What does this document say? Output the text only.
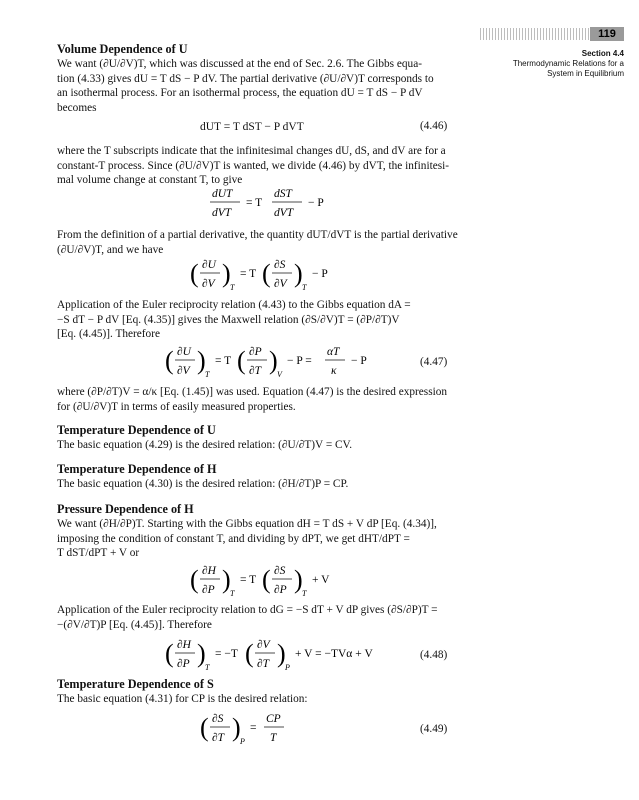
119
Section 4.4
Thermodynamic Relations for a
System in Equilibrium
Volume Dependence of U

We want (∂U/∂V)T, which was discussed at the end of Sec. 2.6. The Gibbs equa-

tion (4.33) gives dU = T dS − P dV. The partial derivative (∂U/∂V)T corresponds to

an isothermal process. For an isothermal process, the equation dU = T dS − P dV

becomes

dUT = T dST − P dVT	(4.46)

where the T subscripts indicate that the infinitesimal changes dU, dS, and dV are for a

constant-T process. Since (∂U/∂V)T is wanted, we divide (4.46) by dVT, the infinitesi-

mal volume change at constant T, to give

dUT
dVT
= T
dST
dVT
− P

From the definition of a partial derivative, the quantity dUT/dVT is the partial derivative

(∂U/∂V)T, and we have

( ∂U
∂V ) T
= T ( ∂S
∂V ) T
− P

Application of the Euler reciprocity relation (4.43) to the Gibbs equation dA =

−S dT − P dV [Eq. (4.35)] gives the Maxwell relation (∂S/∂V)T = (∂P/∂T)V

[Eq. (4.45)]. Therefore

( ∂U
∂V ) T
= T ( ∂P
∂T ) V
− P =
αT
κ
− P	(4.47)

where (∂P/∂T)V = α/κ [Eq. (1.45)] was used. Equation (4.47) is the desired expression

for (∂U/∂V)T in terms of easily measured properties.

Temperature Dependence of U
The basic equation (4.29) is the desired relation: (∂U/∂T)V = CV.
Temperature Dependence of H
The basic equation (4.30) is the desired relation: (∂H/∂T)P = CP.
Pressure Dependence of H

We want (∂H/∂P)T. Starting with the Gibbs equation dH = T dS + V dP [Eq. (4.34)],

imposing the condition of constant T, and dividing by dPT, we get dHT/dPT =

T dST/dPT + V or

( ∂H
∂P ) T
= T ( ∂S
∂P ) T
+ V

Application of the Euler reciprocity relation to dG = −S dT + V dP gives (∂S/∂P)T =

−(∂V/∂T)P [Eq. (4.45)]. Therefore

( ∂H
∂P ) T
= −T ( ∂V
∂T ) P
+ V = −TVα + V	(4.48)
Temperature Dependence of S
The basic equation (4.31) for CP is the desired relation:
( ∂S
∂T ) P
=
CP
T
(4.49)
